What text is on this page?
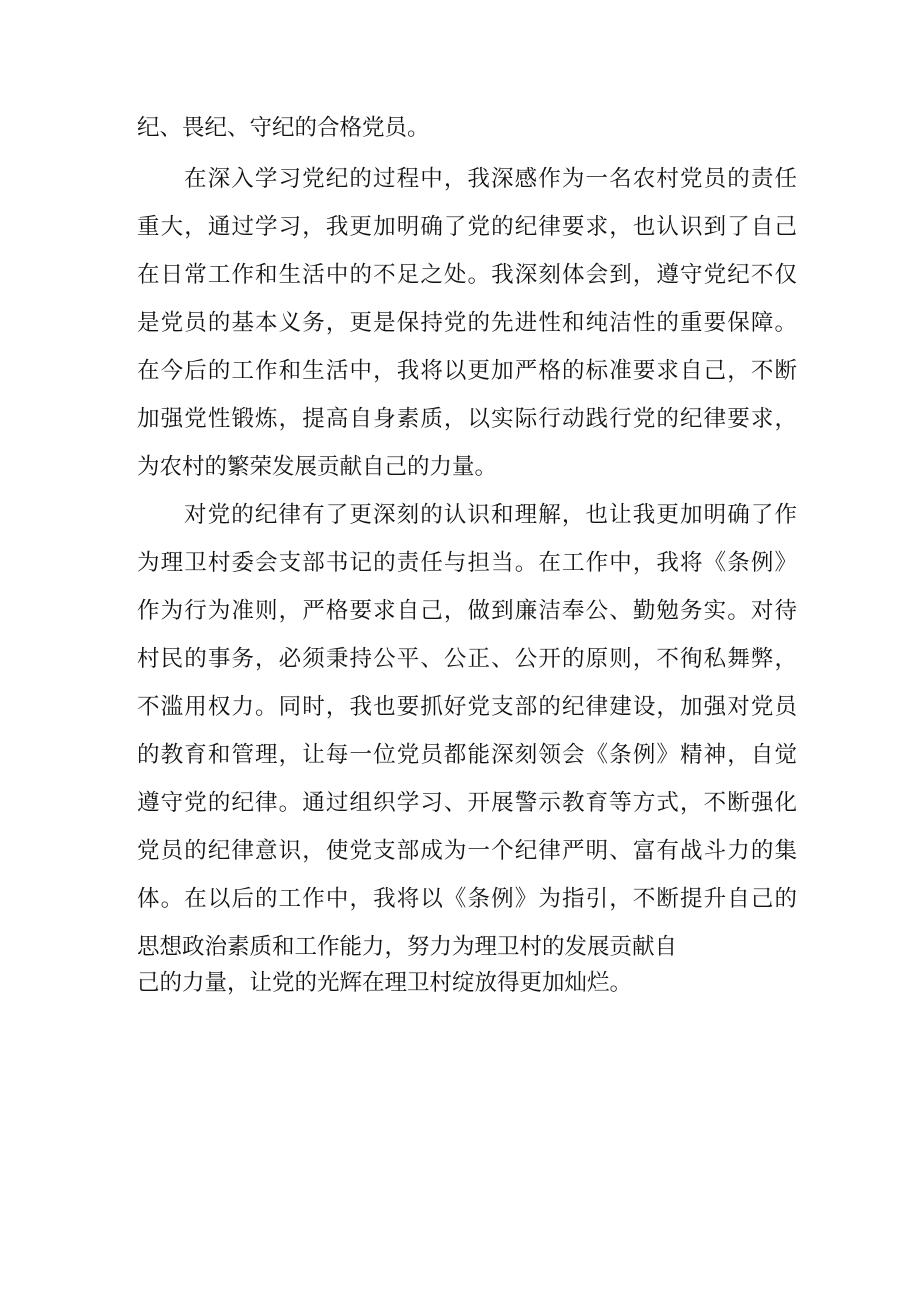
纪、畏纪、守纪的合格党员。
在深入学习党纪的过程中，我深感作为一名农村党员的责任
重大，通过学习，我更加明确了党的纪律要求，也认识到了自己
在日常工作和生活中的不足之处。我深刻体会到，遵守党纪不仅
是党员的基本义务，更是保持党的先进性和纯洁性的重要保障。
在今后的工作和生活中，我将以更加严格的标准要求自己，不断
加强党性锻炼，提高自身素质，以实际行动践行党的纪律要求，
为农村的繁荣发展贡献自己的力量。
对党的纪律有了更深刻的认识和理解，也让我更加明确了作
为理卫村委会支部书记的责任与担当。在工作中，我将《条例》
作为行为准则，严格要求自己，做到廉洁奉公、勤勉务实。对待
村民的事务，必须秉持公平、公正、公开的原则，不徇私舞弊，
不滥用权力。同时，我也要抓好党支部的纪律建设，加强对党员
的教育和管理，让每一位党员都能深刻领会《条例》精神，自觉
遵守党的纪律。通过组织学习、开展警示教育等方式，不断强化
党员的纪律意识，使党支部成为一个纪律严明、富有战斗力的集
体。在以后的工作中，我将以《条例》为指引，不断提升自己的
思想政治素质和工作能力，努力为理卫村的发展贡献自
己的力量，让党的光辉在理卫村绽放得更加灿烂。
